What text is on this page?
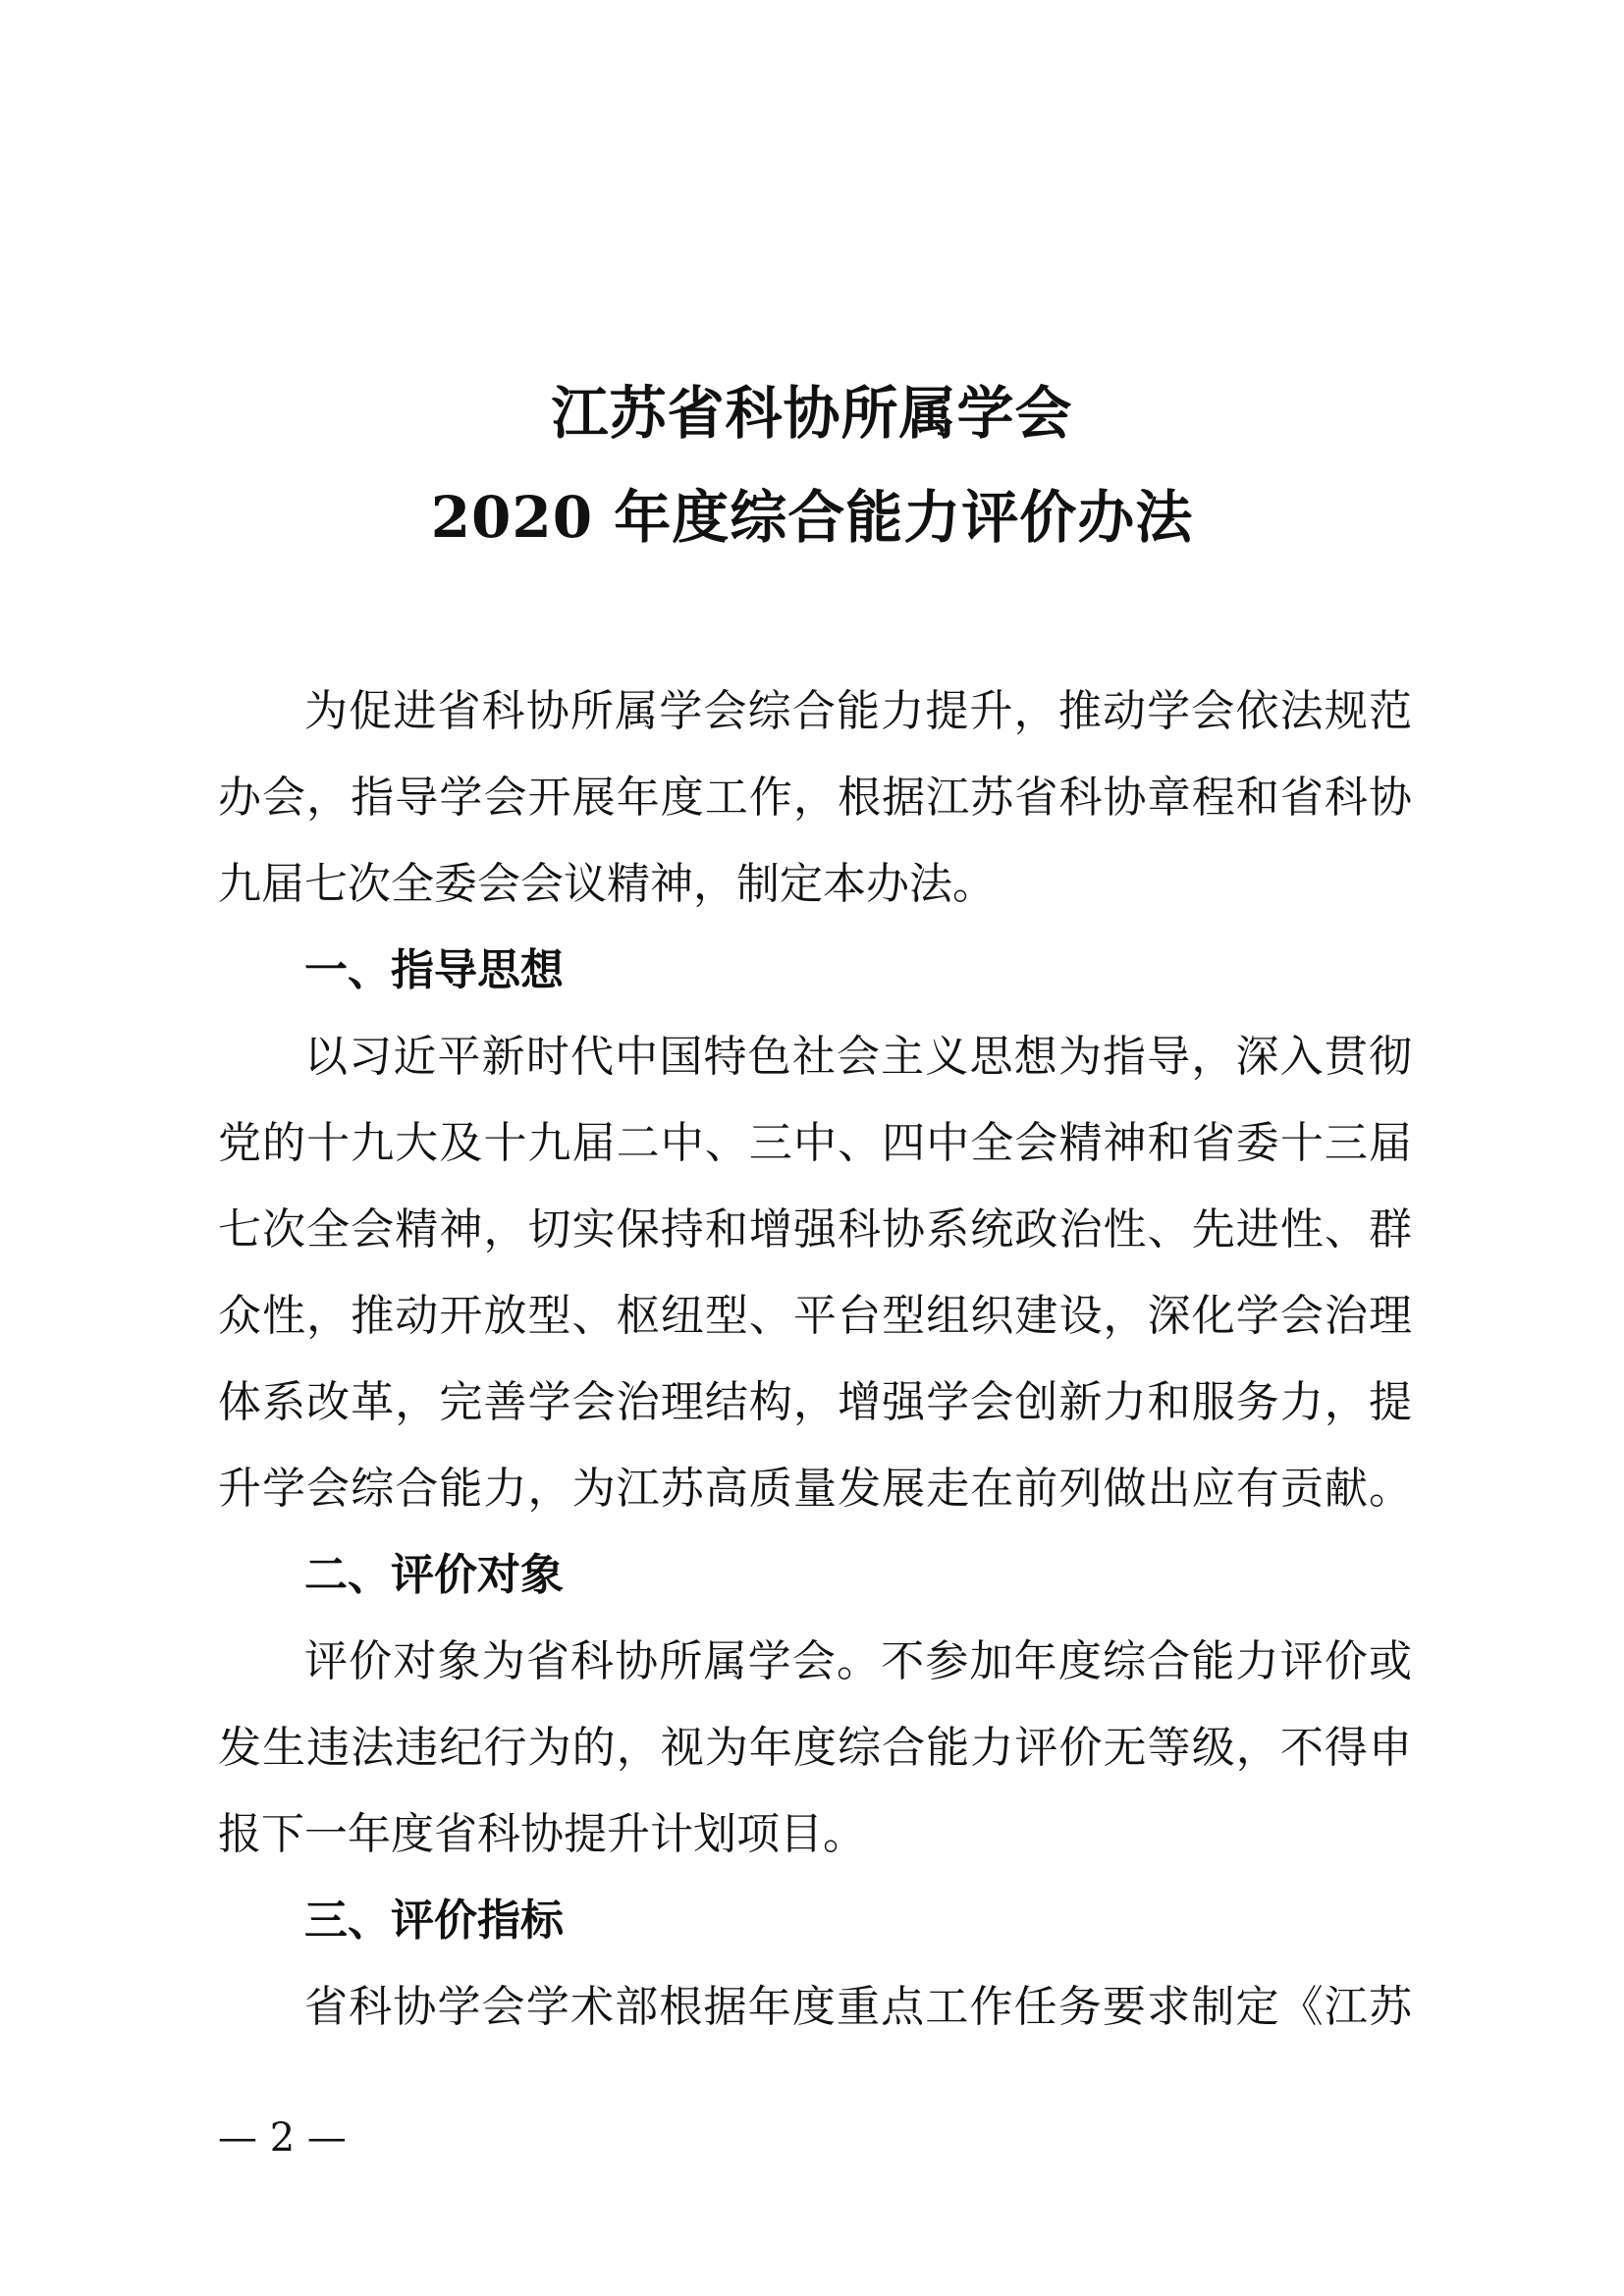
江苏省科协所属学会
2020 年度综合能力评价办法
为促进省科协所属学会综合能力提升，推动学会依法规范
办会，指导学会开展年度工作，根据江苏省科协章程和省科协
九届七次全委会会议精神，制定本办法。
一、指导思想
以习近平新时代中国特色社会主义思想为指导，深入贯彻
党的十九大及十九届二中、三中、四中全会精神和省委十三届
七次全会精神，切实保持和增强科协系统政治性、先进性、群
众性，推动开放型、枢纽型、平台型组织建设，深化学会治理
体系改革，完善学会治理结构，增强学会创新力和服务力，提
升学会综合能力，为江苏高质量发展走在前列做出应有贡献。
二、评价对象
评价对象为省科协所属学会。不参加年度综合能力评价或
发生违法违纪行为的，视为年度综合能力评价无等级，不得申
报下一年度省科协提升计划项目。
三、评价指标
省科协学会学术部根据年度重点工作任务要求制定《江苏
— 2 —
